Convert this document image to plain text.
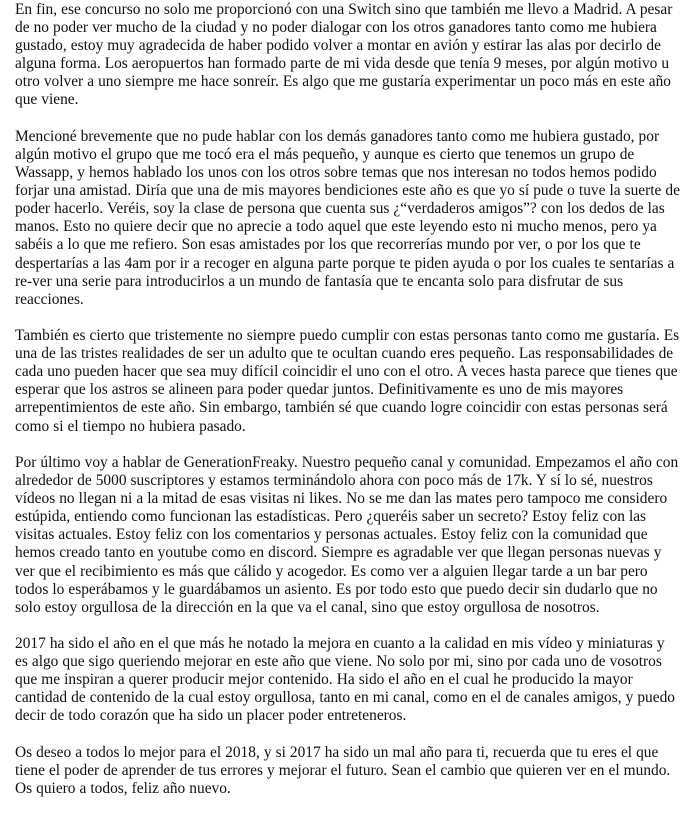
En fin, ese concurso no solo me proporcionó con una Switch sino que también me llevo a Madrid. A pesar de no poder ver mucho de la ciudad y no poder dialogar con los otros ganadores tanto como me hubiera gustado, estoy muy agradecida de haber podido volver a montar en avión y estirar las alas por decirlo de alguna forma. Los aeropuertos han formado parte de mi vida desde que tenía 9 meses, por algún motivo u otro volver a uno siempre me hace sonreír. Es algo que me gustaría experimentar un poco más en este año que viene.

Mencioné brevemente que no pude hablar con los demás ganadores tanto como me hubiera gustado, por algún motivo el grupo que me tocó era el más pequeño, y aunque es cierto que tenemos un grupo de Wassapp, y hemos hablado los unos con los otros sobre temas que nos interesan no todos hemos podido forjar una amistad. Diría que una de mis mayores bendiciones este año es que yo sí pude o tuve la suerte de poder hacerlo. Veréis, soy la clase de persona que cuenta sus ¿“verdaderos amigos”? con los dedos de las manos. Esto no quiere decir que no aprecie a todo aquel que este leyendo esto ni mucho menos, pero ya sabéis a lo que me refiero. Son esas amistades por los que recorrerías mundo por ver, o por los que te despertarías a las 4am por ir a recoger en alguna parte porque te piden ayuda o por los cuales te sentarías a re-ver una serie para introducirlos a un mundo de fantasía que te encanta solo para disfrutar de sus reacciones.

También es cierto que tristemente no siempre puedo cumplir con estas personas tanto como me gustaría. Es una de las tristes realidades de ser un adulto que te ocultan cuando eres pequeño. Las responsabilidades de cada uno pueden hacer que sea muy difícil coincidir el uno con el otro. A veces hasta parece que tienes que esperar que los astros se alineen para poder quedar juntos. Definitivamente es uno de mis mayores arrepentimientos de este año. Sin embargo, también sé que cuando logre coincidir con estas personas será como si el tiempo no hubiera pasado.

Por último voy a hablar de GenerationFreaky. Nuestro pequeño canal y comunidad. Empezamos el año con alrededor de 5000 suscriptores y estamos terminándolo ahora con poco más de 17k. Y sí lo sé, nuestros vídeos no llegan ni a la mitad de esas visitas ni likes. No se me dan las mates pero tampoco me considero estúpida, entiendo como funcionan las estadísticas. Pero ¿queréis saber un secreto? Estoy feliz con las visitas actuales. Estoy feliz con los comentarios y personas actuales. Estoy feliz con la comunidad que hemos creado tanto en youtube como en discord. Siempre es agradable ver que llegan personas nuevas y ver que el recibimiento es más que cálido y acogedor. Es como ver a alguien llegar tarde a un bar pero todos lo esperábamos y le guardábamos un asiento. Es por todo esto que puedo decir sin dudarlo que no solo estoy orgullosa de la dirección en la que va el canal, sino que estoy orgullosa de nosotros.

2017 ha sido el año en el que más he notado la mejora en cuanto a la calidad en mis vídeo y miniaturas y es algo que sigo queriendo mejorar en este año que viene. No solo por mi, sino por cada uno de vosotros que me inspiran a querer producir mejor contenido. Ha sido el año en el cual he producido la mayor cantidad de contenido de la cual estoy orgullosa, tanto en mi canal, como en el de canales amigos, y puedo decir de todo corazón que ha sido un placer poder entreteneros.

Os deseo a todos lo mejor para el 2018, y si 2017 ha sido un mal año para ti, recuerda que tu eres el que tiene el poder de aprender de tus errores y mejorar el futuro. Sean el cambio que quieren ver en el mundo. Os quiero a todos, feliz año nuevo.
